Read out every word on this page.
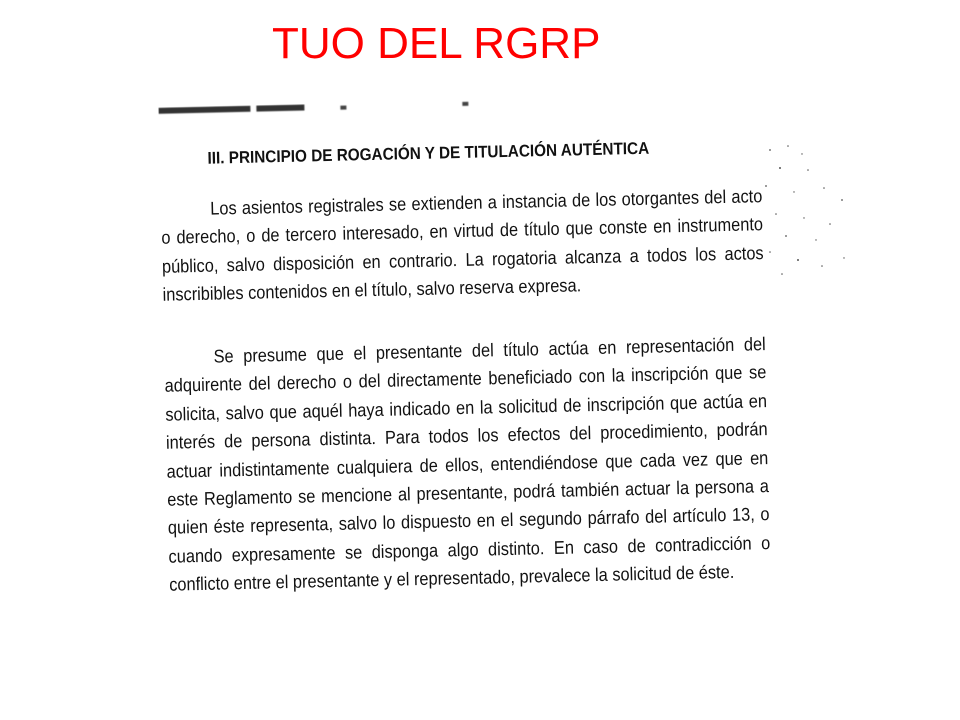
TUO DEL RGRP
III. PRINCIPIO DE ROGACIÓN Y DE TITULACIÓN AUTÉNTICA
Los asientos registrales se extienden a instancia de los otorgantes del acto o derecho, o de tercero interesado, en virtud de título que conste en instrumento público, salvo disposición en contrario. La rogatoria alcanza a todos los actos inscribibles contenidos en el título, salvo reserva expresa.
Se presume que el presentante del título actúa en representación del adquirente del derecho o del directamente beneficiado con la inscripción que se solicita, salvo que aquél haya indicado en la solicitud de inscripción que actúa en interés de persona distinta. Para todos los efectos del procedimiento, podrán actuar indistintamente cualquiera de ellos, entendiéndose que cada vez que en este Reglamento se mencione al presentante, podrá también actuar la persona a quien éste representa, salvo lo dispuesto en el segundo párrafo del artículo 13, o cuando expresamente se disponga algo distinto. En caso de contradicción o conflicto entre el presentante y el representado, prevalece la solicitud de éste.
